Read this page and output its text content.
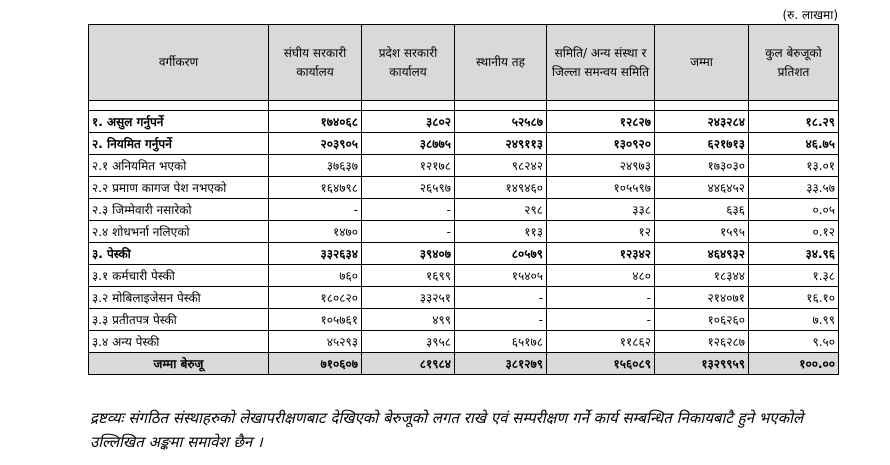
(रु. लाखमा)
वर्गीकरण	संघीय सरकारी कार्यालय	प्रदेश सरकारी कार्यालय	स्थानीय तह	समिति/ अन्य संस्था र जिल्ला समन्वय समिति	जम्मा	कुल बेरुजूको प्रतिशत

१. असुल गर्नुपर्ने	१७४०६८	३८०२	५२५८७	१२८२७	२४३२८४	१८.२९
२. नियमित गर्नुपर्ने	२०३९०५	३८७७५	२४९११३	१३०९२०	६२१७१३	४६.७५
२.१ अनियमित भएको	३७६३७	१२१७८	९८२४२	२४९७३	१७३०३०	१३.०१
२.२ प्रमाण कागज पेश नभएको	१६४७९८	२६५९७	१४९४६०	१०५५९७	४४६४५२	३३.५७
२.३ जिम्मेवारी नसारेको	-	-	२९८	३३८	६३६	०.०५
२.४ शोधभर्ना नलिएको	१४७०	-	११३	१२	१५९५	०.१२
३. पेस्की	३३२६३४	३९४०७	८०५७९	१२३४२	४६४९३२	३४.९६
३.१ कर्मचारी पेस्की	७६०	१६९९	१५४०५	४८०	१८३४४	१.३८
३.२ मोबिलाइजेसन पेस्की	१८०८२०	३३२५१	-	-	२१४०७१	१६.१०
३.३ प्रतीतपत्र पेस्की	१०५७६१	४९९	-	-	१०६२६०	७.९९
३.४ अन्य पेस्की	४५२९३	३९५८	६५१७८	११८६२	१२६२८७	९.५०
जम्मा बेरुजू	७१०६०७	८१९८४	३८१२७९	१५६०८९	१३२९९५९	१००.००
द्रष्टव्यः संगठित संस्थाहरुको लेखापरीक्षणबाट देखिएको बेरुजूको लगत राखे एवं सम्परीक्षण गर्ने कार्य सम्बन्धित निकायबाटै हुने भएकोले उल्लिखित अङ्कमा समावेश छैन ।
